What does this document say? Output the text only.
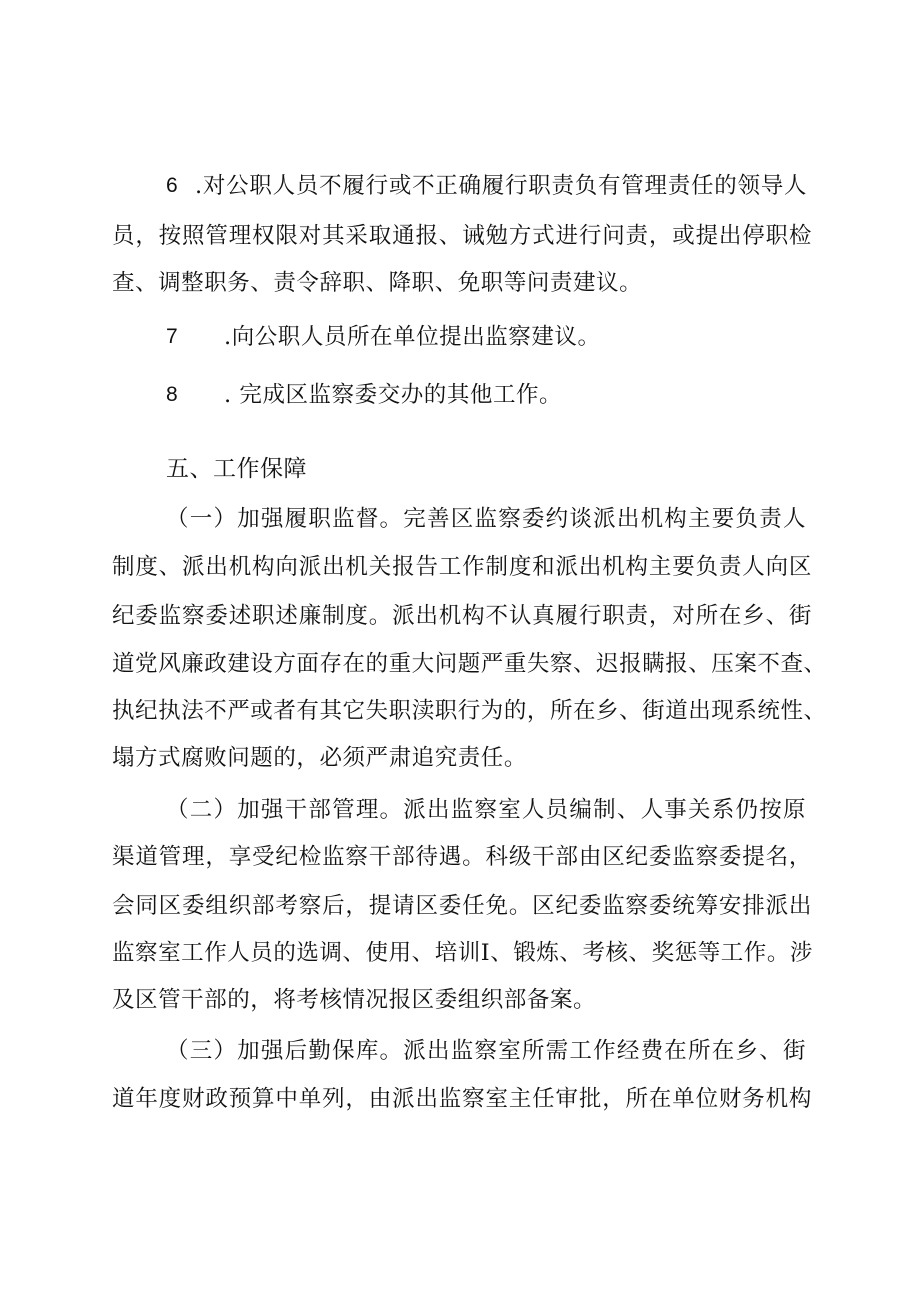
6 .对公职人员不履行或不正确履行职责负有管理责任的领导人
员，按照管理权限对其采取通报、诫勉方式进行问责，或提出停职检
查、调整职务、责令辞职、降职、免职等问责建议。
7 .向公职人员所在单位提出监察建议。
8 . 完成区监察委交办的其他工作。
五、工作保障
（一）加强履职监督。完善区监察委约谈派出机构主要负责人
制度、派出机构向派出机关报告工作制度和派出机构主要负责人向区
纪委监察委述职述廉制度。派出机构不认真履行职责，对所在乡、街
道党风廉政建设方面存在的重大问题严重失察、迟报瞒报、压案不查、
执纪执法不严或者有其它失职渎职行为的，所在乡、街道出现系统性、
塌方式腐败问题的，必须严肃追究责任。
（二）加强干部管理。派出监察室人员编制、人事关系仍按原
渠道管理，享受纪检监察干部待遇。科级干部由区纪委监察委提名，
会同区委组织部考察后，提请区委任免。区纪委监察委统筹安排派出
监察室工作人员的选调、使用、培训I、锻炼、考核、奖惩等工作。涉
及区管干部的，将考核情况报区委组织部备案。
（三）加强后勤保库。派出监察室所需工作经费在所在乡、街
道年度财政预算中单列，由派出监察室主任审批，所在单位财务机构
